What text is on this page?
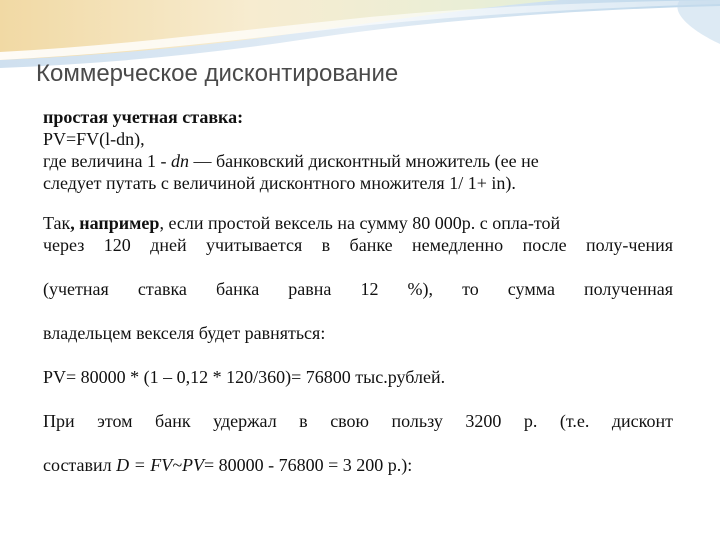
Коммерческое дисконтирование
простая учетная ставка:
PV=FV(l-dn),
где величина 1 - dn — банковский дисконтный множитель (ее не
следует путать с величиной дисконтного множителя 1/ 1+ in).
Так, например, если простой вексель на сумму 80 000р. с опла-той
через 120 дней учитывается в банке немедленно после полу-чения
(учетная ставка банка равна 12 %), то сумма полученная
владельцем векселя будет равняться:
PV= 80000 * (1 – 0,12 * 120/360)= 76800 тыс.рублей.
При этом банк удержал в свою пользу 3200 р. (т.е. дисконт
составил D = FV~PV= 80000 - 76800 = 3 200 р.):
